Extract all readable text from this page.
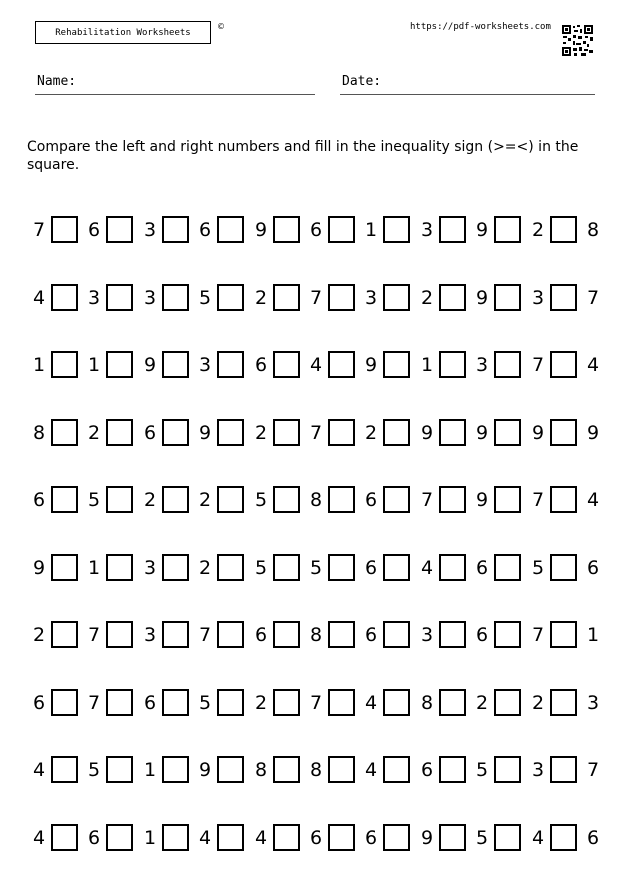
Rehabilitation Worksheets
©	https://pdf-worksheets.com
Name:	Date:
Compare the left and right numbers and fill in the inequality sign (>=<) in the square.
7 6 3 6 9 6 1 3 9 2 8
4 3 3 5 2 7 3 2 9 3 7
1 1 9 3 6 4 9 1 3 7 4
8 2 6 9 2 7 2 9 9 9 9
6 5 2 2 5 8 6 7 9 7 4
9 1 3 2 5 5 6 4 6 5 6
2 7 3 7 6 8 6 3 6 7 1
6 7 6 5 2 7 4 8 2 2 3
4 5 1 9 8 8 4 6 5 3 7
4 6 1 4 4 6 6 9 5 4 6
